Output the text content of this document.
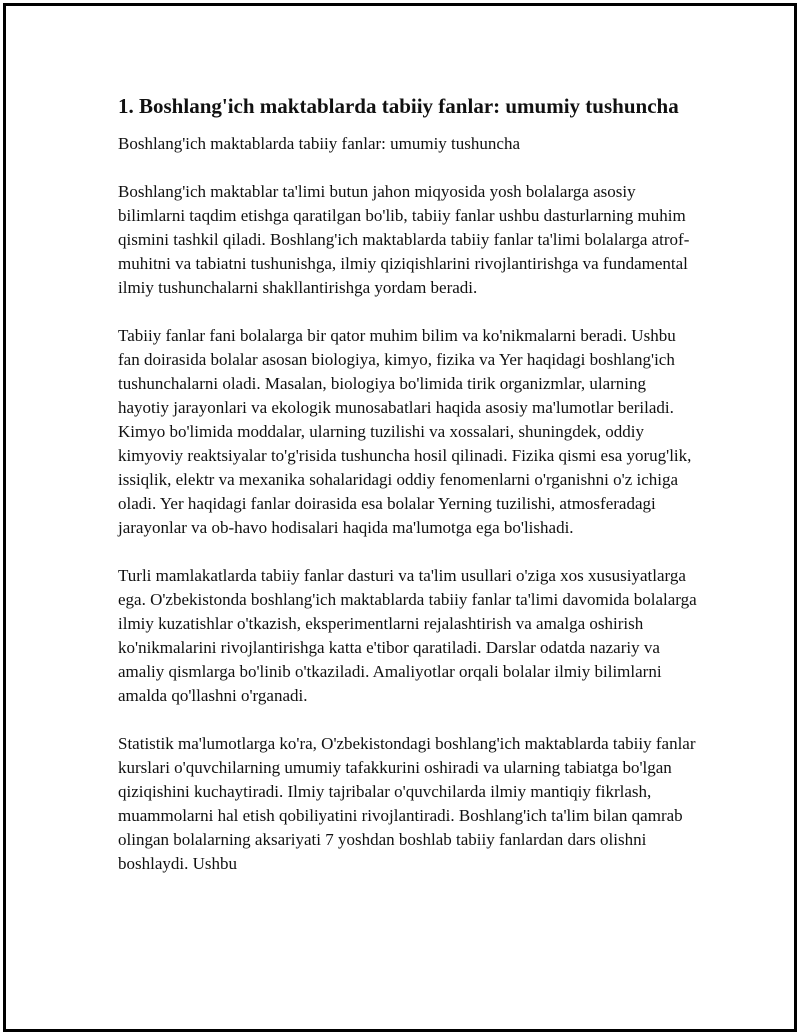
1. Boshlang'ich maktablarda tabiiy fanlar: umumiy tushuncha

Boshlang'ich maktablarda tabiiy fanlar: umumiy tushuncha

Boshlang'ich maktablar ta'limi butun jahon miqyosida yosh bolalarga asosiy bilimlarni taqdim etishga qaratilgan bo'lib, tabiiy fanlar ushbu dasturlarning muhim qismini tashkil qiladi. Boshlang'ich maktablarda tabiiy fanlar ta'limi bolalarga atrof-muhitni va tabiatni tushunishga, ilmiy qiziqishlarini rivojlantirishga va fundamental ilmiy tushunchalarni shakllantirishga yordam beradi.

Tabiiy fanlar fani bolalarga bir qator muhim bilim va ko'nikmalarni beradi. Ushbu fan doirasida bolalar asosan biologiya, kimyo, fizika va Yer haqidagi boshlang'ich tushunchalarni oladi. Masalan, biologiya bo'limida tirik organizmlar, ularning hayotiy jarayonlari va ekologik munosabatlari haqida asosiy ma'lumotlar beriladi. Kimyo bo'limida moddalar, ularning tuzilishi va xossalari, shuningdek, oddiy kimyoviy reaktsiyalar to'g'risida tushuncha hosil qilinadi. Fizika qismi esa yorug'lik, issiqlik, elektr va mexanika sohalaridagi oddiy fenomenlarni o'rganishni o'z ichiga oladi. Yer haqidagi fanlar doirasida esa bolalar Yerning tuzilishi, atmosferadagi jarayonlar va ob-havo hodisalari haqida ma'lumotga ega bo'lishadi.

Turli mamlakatlarda tabiiy fanlar dasturi va ta'lim usullari o'ziga xos xususiyatlarga ega. O'zbekistonda boshlang'ich maktablarda tabiiy fanlar ta'limi davomida bolalarga ilmiy kuzatishlar o'tkazish, eksperimentlarni rejalashtirish va amalga oshirish ko'nikmalarini rivojlantirishga katta e'tibor qaratiladi. Darslar odatda nazariy va amaliy qismlarga bo'linib o'tkaziladi. Amaliyotlar orqali bolalar ilmiy bilimlarni amalda qo'llashni o'rganadi.

Statistik ma'lumotlarga ko'ra, O'zbekistondagi boshlang'ich maktablarda tabiiy fanlar kurslari o'quvchilarning umumiy tafakkurini oshiradi va ularning tabiatga bo'lgan qiziqishini kuchaytiradi. Ilmiy tajribalar o'quvchilarda ilmiy mantiqiy fikrlash, muammolarni hal etish qobiliyatini rivojlantiradi. Boshlang'ich ta'lim bilan qamrab olingan bolalarning aksariyati 7 yoshdan boshlab tabiiy fanlardan dars olishni boshlaydi. Ushbu
